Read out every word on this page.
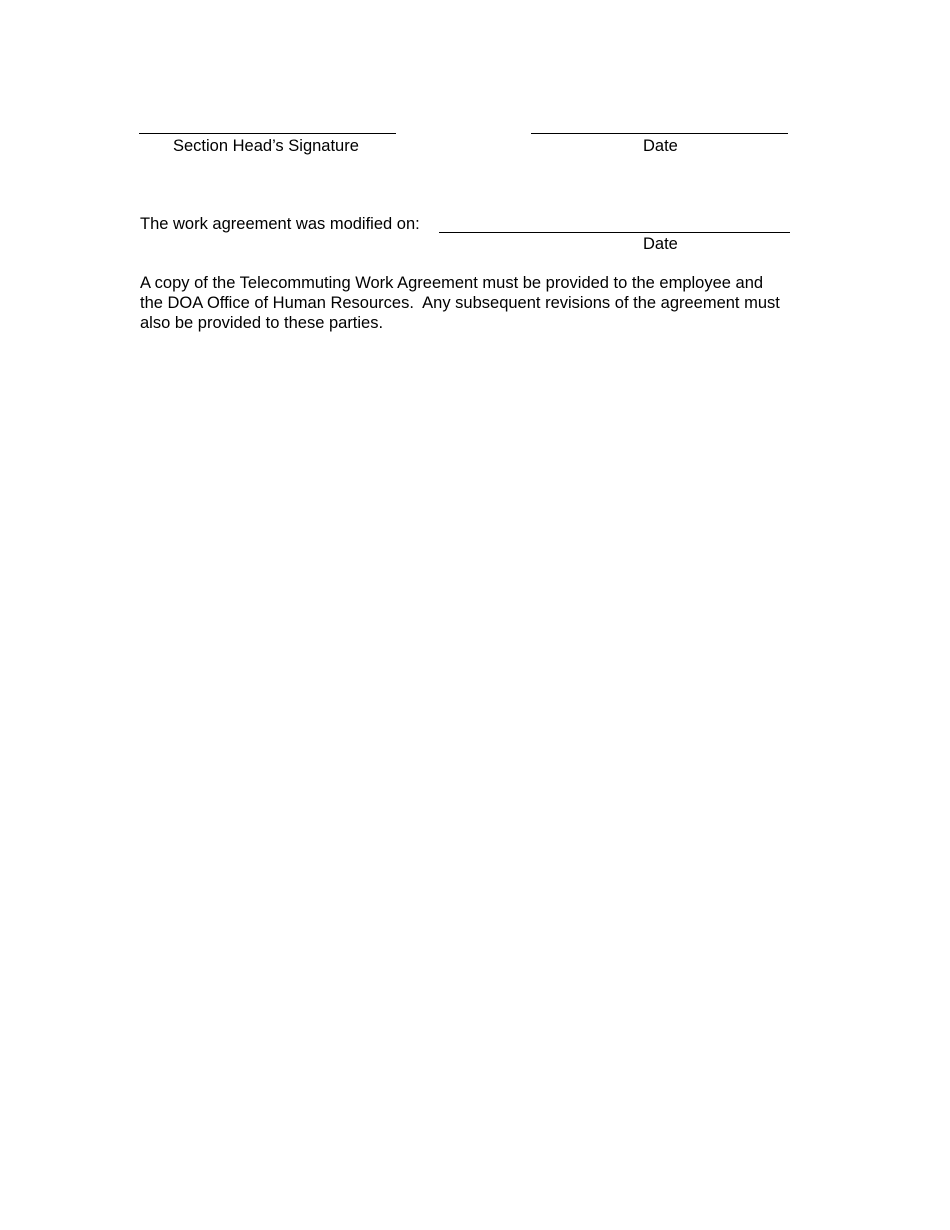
Section Head’s Signature	Date
The work agreement was modified on:
Date

A copy of the Telecommuting Work Agreement must be provided to the employee and
the DOA Office of Human Resources.  Any subsequent revisions of the agreement must
also be provided to these parties.
